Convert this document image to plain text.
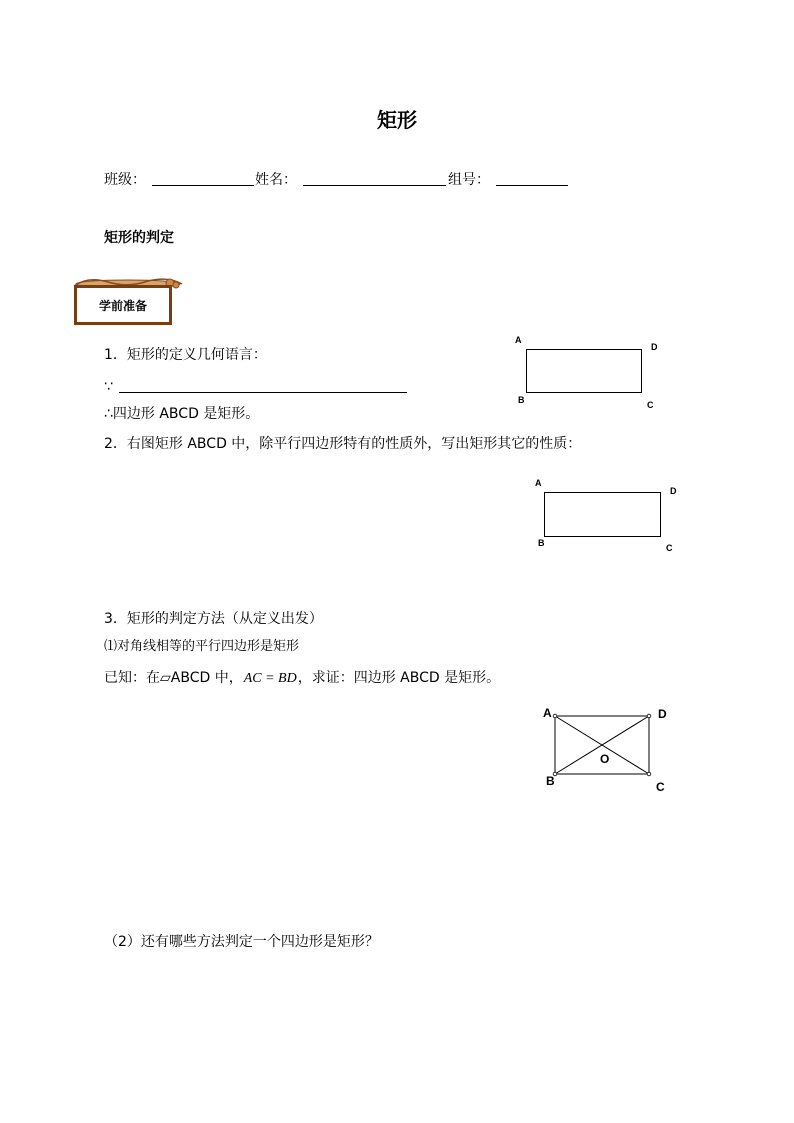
矩形
班级：	姓名：	组号：
矩形的判定
学前准备
1．矩形的定义几何语言：
∵
∴四边形 ABCD 是矩形。
A
D
B	C
2．右图矩形 ABCD 中，除平行四边形特有的性质外，写出矩形其它的性质：
A
D
B	C
3．矩形的判定方法（从定义出发）
⑴对角线相等的平行四边形是矩形
已知：在▱ABCD 中，AC = BD，求证：四边形 ABCD 是矩形。
A	D
B	C
O
（2）还有哪些方法判定一个四边形是矩形？
